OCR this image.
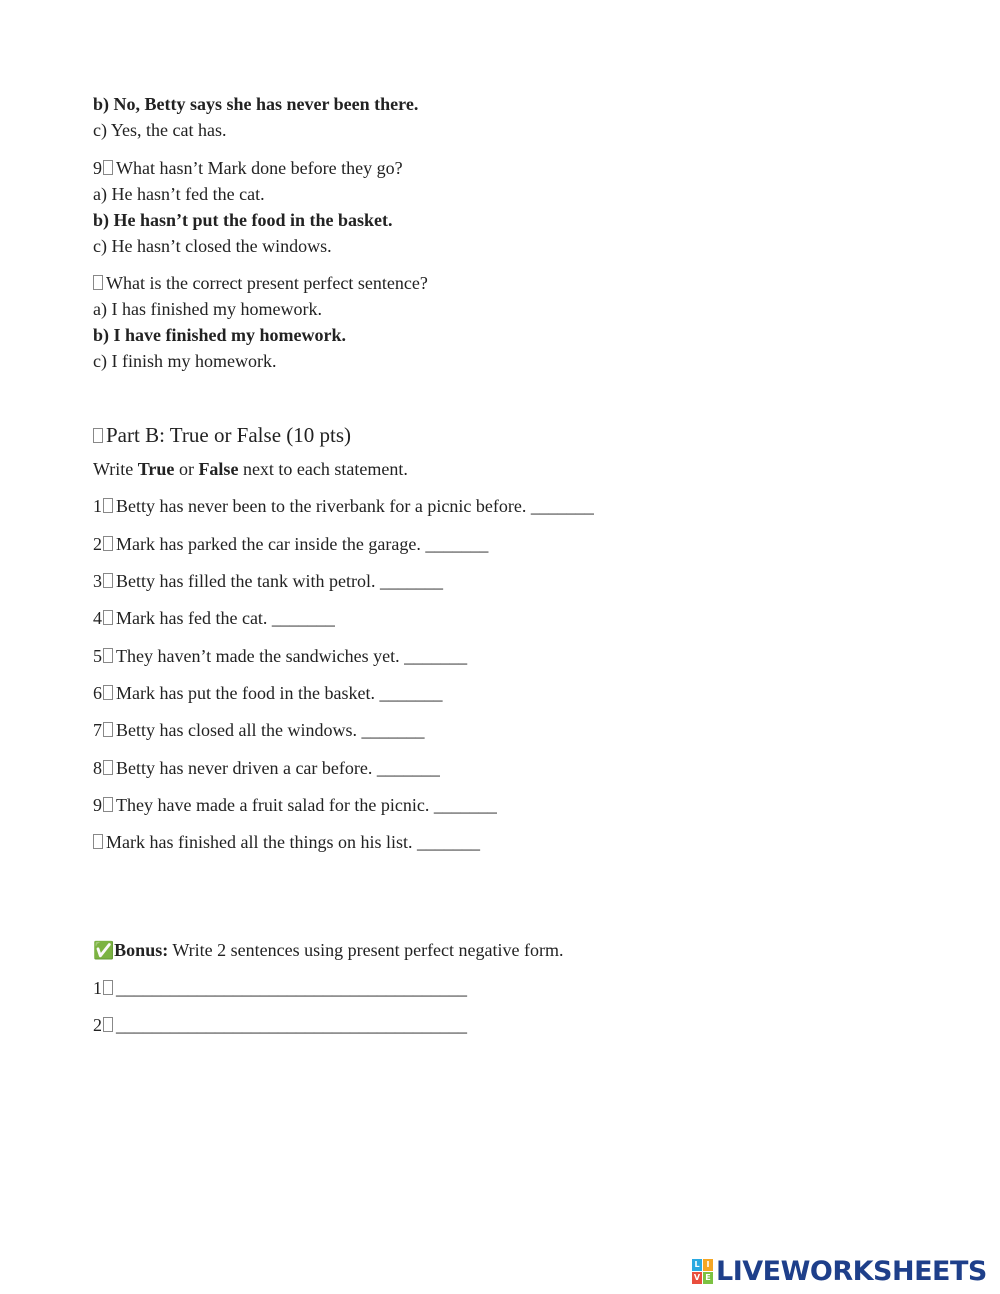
b) No, Betty says she has never been there.
c) Yes, the cat has.
9 What hasn’t Mark done before they go?
a) He hasn’t fed the cat.
b) He hasn’t put the food in the basket.
c) He hasn’t closed the windows.
What is the correct present perfect sentence?
a) I has finished my homework.
b) I have finished my homework.
c) I finish my homework.
Part B: True or False (10 pts)
Write True or False next to each statement.
1 Betty has never been to the riverbank for a picnic before. _______
2 Mark has parked the car inside the garage. _______
3 Betty has filled the tank with petrol. _______
4 Mark has fed the cat. _______
5 They haven’t made the sandwiches yet. _______
6 Mark has put the food in the basket. _______
7 Betty has closed all the windows. _______
8 Betty has never driven a car before. _______
9 They have made a fruit salad for the picnic. _______
Mark has finished all the things on his list. _______
✅Bonus: Write 2 sentences using present perfect negative form.
1 _______________________________________
2 _______________________________________
L I
V E LIVEWORKSHEETS
